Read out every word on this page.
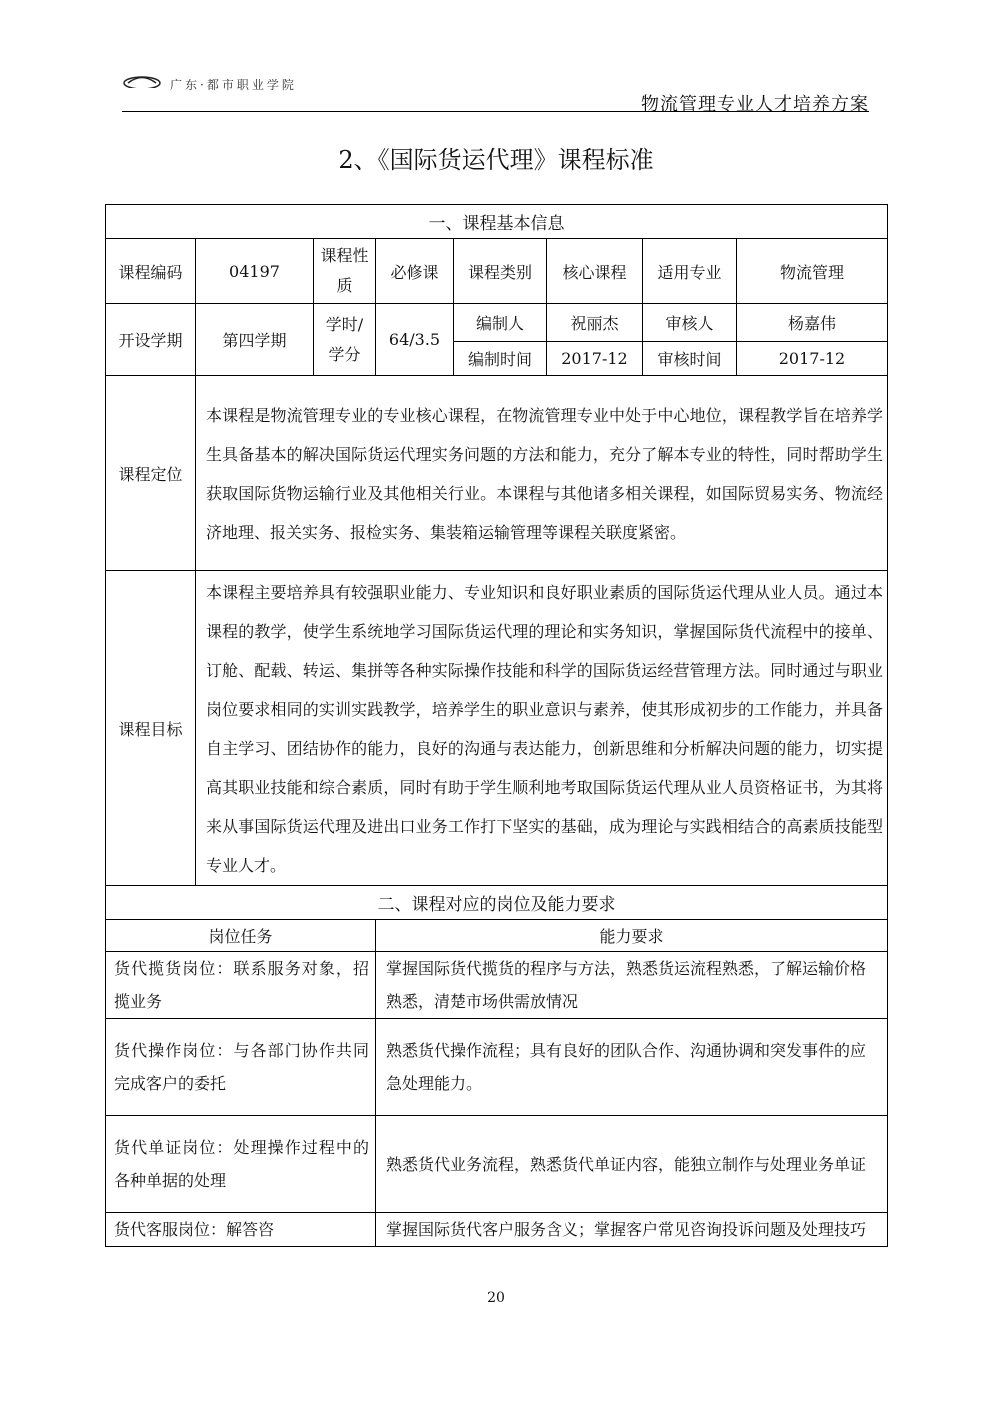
广东·都市职业学院
物流管理专业人才培养方案
2、《国际货运代理》课程标准
一、课程基本信息							
课程编码	04197	课程性质	必修课	课程类别	核心课程	适用专业	物流管理
开设学期	第四学期	学时/学分	64/3.5	编制人	祝丽杰	审核人	杨嘉伟
				编制时间	2017-12	审核时间	2017-12
课程定位	本课程是物流管理专业的专业核心课程，在物流管理专业中处于中心地位，课程教学旨在培养学生具备基本的解决国际货运代理实务问题的方法和能力，充分了解本专业的特性，同时帮助学生获取国际货物运输行业及其他相关行业。本课程与其他诸多相关课程，如国际贸易实务、物流经济地理、报关实务、报检实务、集装箱运输管理等课程关联度紧密。						
课程目标	本课程主要培养具有较强职业能力、专业知识和良好职业素质的国际货运代理从业人员。通过本课程的教学，使学生系统地学习国际货运代理的理论和实务知识，掌握国际货代流程中的接单、订舱、配载、转运、集拼等各种实际操作技能和科学的国际货运经营管理方法。同时通过与职业岗位要求相同的实训实践教学，培养学生的职业意识与素养，使其形成初步的工作能力，并具备自主学习、团结协作的能力，良好的沟通与表达能力，创新思维和分析解决问题的能力，切实提高其职业技能和综合素质，同时有助于学生顺利地考取国际货运代理从业人员资格证书，为其将来从事国际货运代理及进出口业务工作打下坚实的基础，成为理论与实践相结合的高素质技能型专业人才。						
二、课程对应的岗位及能力要求							
岗位任务			能力要求				
货代揽货岗位：联系服务对象，招揽业务			掌握国际货代揽货的程序与方法，熟悉货运流程熟悉，了解运输价格熟悉，清楚市场供需放情况				
货代操作岗位：与各部门协作共同完成客户的委托			熟悉货代操作流程；具有良好的团队合作、沟通协调和突发事件的应急处理能力。				
货代单证岗位：处理操作过程中的各种单据的处理			熟悉货代业务流程，熟悉货代单证内容，能独立制作与处理业务单证				
货代客服岗位：解答咨			掌握国际货代客户服务含义；掌握客户常见咨询投诉问题及处理技巧				
20
